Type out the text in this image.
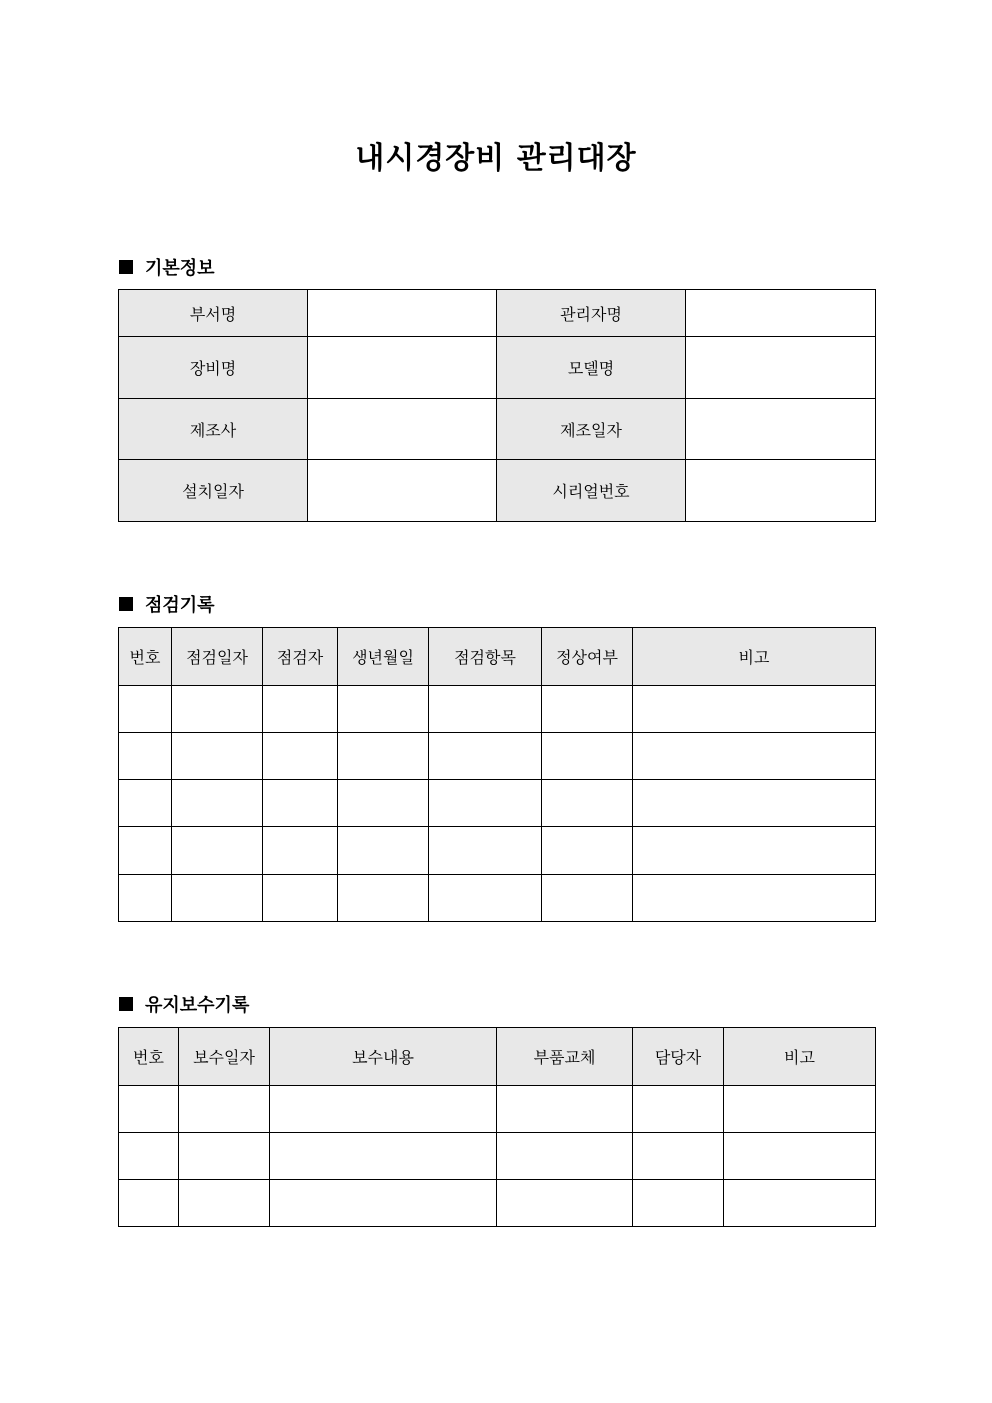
내시경장비 관리대장
기본정보
부서명		관리자명	
장비명		모델명	
제조사		제조일자	
설치일자		시리얼번호	
점검기록
번호	점검일자	점검자	생년월일	점검항목	정상여부	비고

유지보수기록
번호	보수일자	보수내용	부품교체	담당자	비고
